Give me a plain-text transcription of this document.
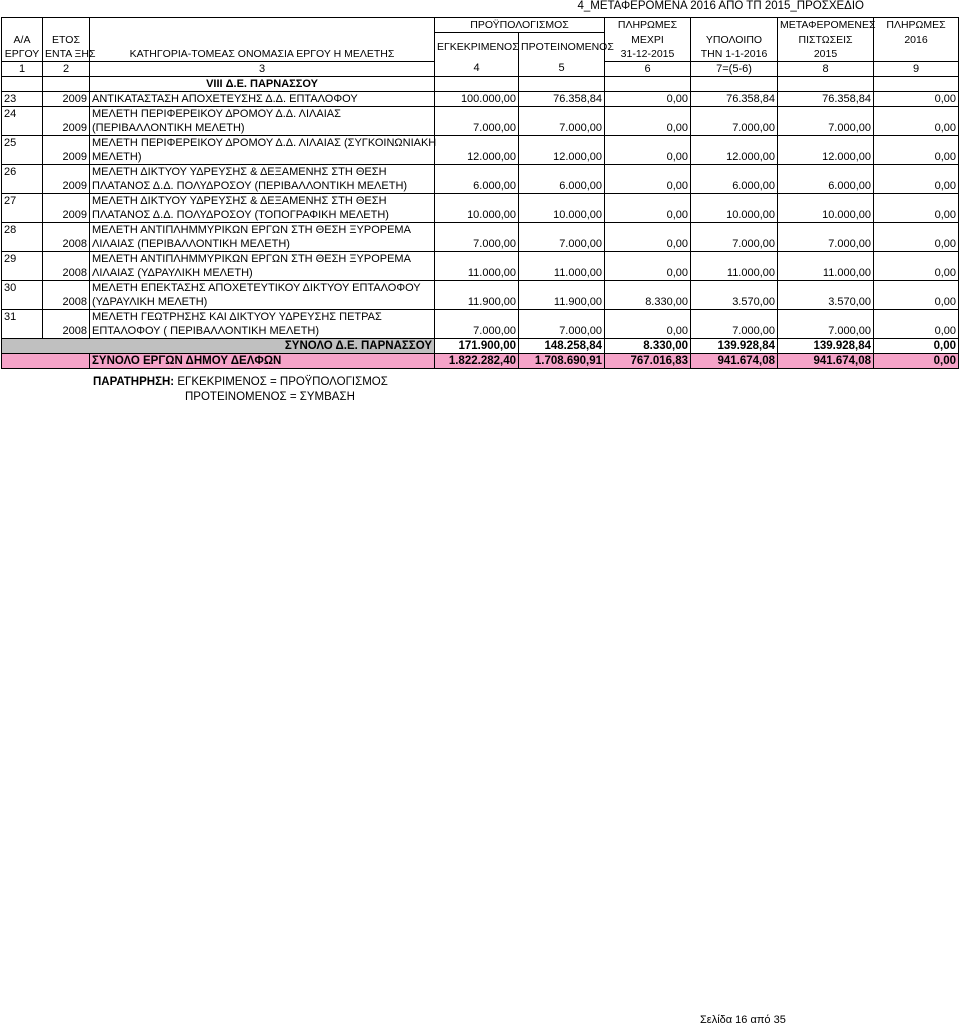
4_ΜΕΤΑΦΕΡΟΜΕΝΑ 2016 ΑΠΟ ΤΠ 2015_ΠΡΟΣΧΕΔΙΟ
			ΠΡΟΫΠΟΛΟΓΙΣΜΟΣ		ΠΛΗΡΩΜΕΣ		ΜΕΤΑΦΕΡΟΜΕΝΕΣ	ΠΛΗΡΩΜΕΣ
Α/Α	ΕΤΟΣ		ΕΓΚΕΚΡΙΜΕΝΟΣ	ΠΡΟΤΕΙΝΟΜΕΝΟΣ	ΜΕΧΡΙ	ΥΠΟΛΟΙΠΟ	ΠΙΣΤΩΣΕΙΣ	2016
ΕΡΓΟΥ	ΕΝΤΑ ΞΗΣ	ΚΑΤΗΓΟΡΙΑ-ΤΟΜΕΑΣ ΟΝΟΜΑΣΙΑ ΕΡΓΟΥ Η ΜΕΛΕΤΗΣ			31-12-2015	ΤΗΝ 1-1-2016	2015	
1	2	3	4	5	6	7=(5-6)	8	9
		VIII Δ.Ε. ΠΑΡΝΑΣΣΟΥ						
23	2009	ΑΝΤΙΚΑΤΑΣΤΑΣΗ ΑΠΟΧΕΤΕΥΣΗΣ Δ.Δ. ΕΠΤΑΛΟΦΟΥ	100.000,00	76.358,84	0,00	76.358,84	76.358,84	0,00
24		ΜΕΛΕΤΗ ΠΕΡΙΦΕΡΕΙΚΟΥ ΔΡΟΜΟΥ Δ.Δ. ΛΙΛΑΙΑΣ						
	2009	(ΠΕΡΙΒΑΛΛΟΝΤΙΚΗ ΜΕΛΕΤΗ)	7.000,00	7.000,00	0,00	7.000,00	7.000,00	0,00
25		ΜΕΛΕΤΗ ΠΕΡΙΦΕΡΕΙΚΟΥ ΔΡΟΜΟΥ Δ.Δ. ΛΙΛΑΙΑΣ (ΣΥΓΚΟΙΝΩΝΙΑΚΗ						
	2009	ΜΕΛΕΤΗ)	12.000,00	12.000,00	0,00	12.000,00	12.000,00	0,00
26		ΜΕΛΕΤΗ ΔΙΚΤΥΟΥ ΥΔΡΕΥΣΗΣ & ΔΕΞΑΜΕΝΗΣ ΣΤΗ ΘΕΣΗ						
	2009	ΠΛΑΤΑΝΟΣ Δ.Δ. ΠΟΛΥΔΡΟΣΟΥ (ΠΕΡΙΒΑΛΛΟΝΤΙΚΗ ΜΕΛΕΤΗ)	6.000,00	6.000,00	0,00	6.000,00	6.000,00	0,00
27		ΜΕΛΕΤΗ ΔΙΚΤΥΟΥ ΥΔΡΕΥΣΗΣ & ΔΕΞΑΜΕΝΗΣ ΣΤΗ ΘΕΣΗ						
	2009	ΠΛΑΤΑΝΟΣ Δ.Δ. ΠΟΛΥΔΡΟΣΟΥ (ΤΟΠΟΓΡΑΦΙΚΗ ΜΕΛΕΤΗ)	10.000,00	10.000,00	0,00	10.000,00	10.000,00	0,00
28		ΜΕΛΕΤΗ ΑΝΤΙΠΛΗΜΜΥΡΙΚΩΝ ΕΡΓΩΝ ΣΤΗ ΘΕΣΗ ΞΥΡΟΡΕΜΑ						
	2008	ΛΙΛΑΙΑΣ (ΠΕΡΙΒΑΛΛΟΝΤΙΚΗ ΜΕΛΕΤΗ)	7.000,00	7.000,00	0,00	7.000,00	7.000,00	0,00
29		ΜΕΛΕΤΗ ΑΝΤΙΠΛΗΜΜΥΡΙΚΩΝ ΕΡΓΩΝ ΣΤΗ ΘΕΣΗ ΞΥΡΟΡΕΜΑ						
	2008	ΛΙΛΑΙΑΣ (ΥΔΡΑΥΛΙΚΗ ΜΕΛΕΤΗ)	11.000,00	11.000,00	0,00	11.000,00	11.000,00	0,00
30		ΜΕΛΕΤΗ ΕΠΕΚΤΑΣΗΣ ΑΠΟΧΕΤΕΥΤΙΚΟΥ ΔΙΚΤΥΟΥ ΕΠΤΑΛΟΦΟΥ						
	2008	(ΥΔΡΑΥΛΙΚΗ ΜΕΛΕΤΗ)	11.900,00	11.900,00	8.330,00	3.570,00	3.570,00	0,00
31		ΜΕΛΕΤΗ ΓΕΩΤΡΗΣΗΣ ΚΑΙ ΔΙΚΤΥΟΥ ΥΔΡΕΥΣΗΣ ΠΕΤΡΑΣ						
	2008	ΕΠΤΑΛΟΦΟΥ ( ΠΕΡΙΒΑΛΛΟΝΤΙΚΗ ΜΕΛΕΤΗ)	7.000,00	7.000,00	0,00	7.000,00	7.000,00	0,00
ΣΥΝΟΛΟ Δ.Ε. ΠΑΡΝΑΣΣΟΥ			171.900,00	148.258,84	8.330,00	139.928,84	139.928,84	0,00
		ΣΥΝΟΛΟ ΕΡΓΩΝ ΔΗΜΟΥ ΔΕΛΦΩΝ	1.822.282,40	1.708.690,91	767.016,83	941.674,08	941.674,08	0,00
ΠΑΡΑΤΗΡΗΣΗ: ΕΓΚΕΚΡΙΜΕΝΟΣ = ΠΡΟΫΠΟΛΟΓΙΣΜΟΣ
ΠΡΟΤΕΙΝΟΜΕΝΟΣ = ΣΥΜΒΑΣΗ
Σελίδα 16 από 35
